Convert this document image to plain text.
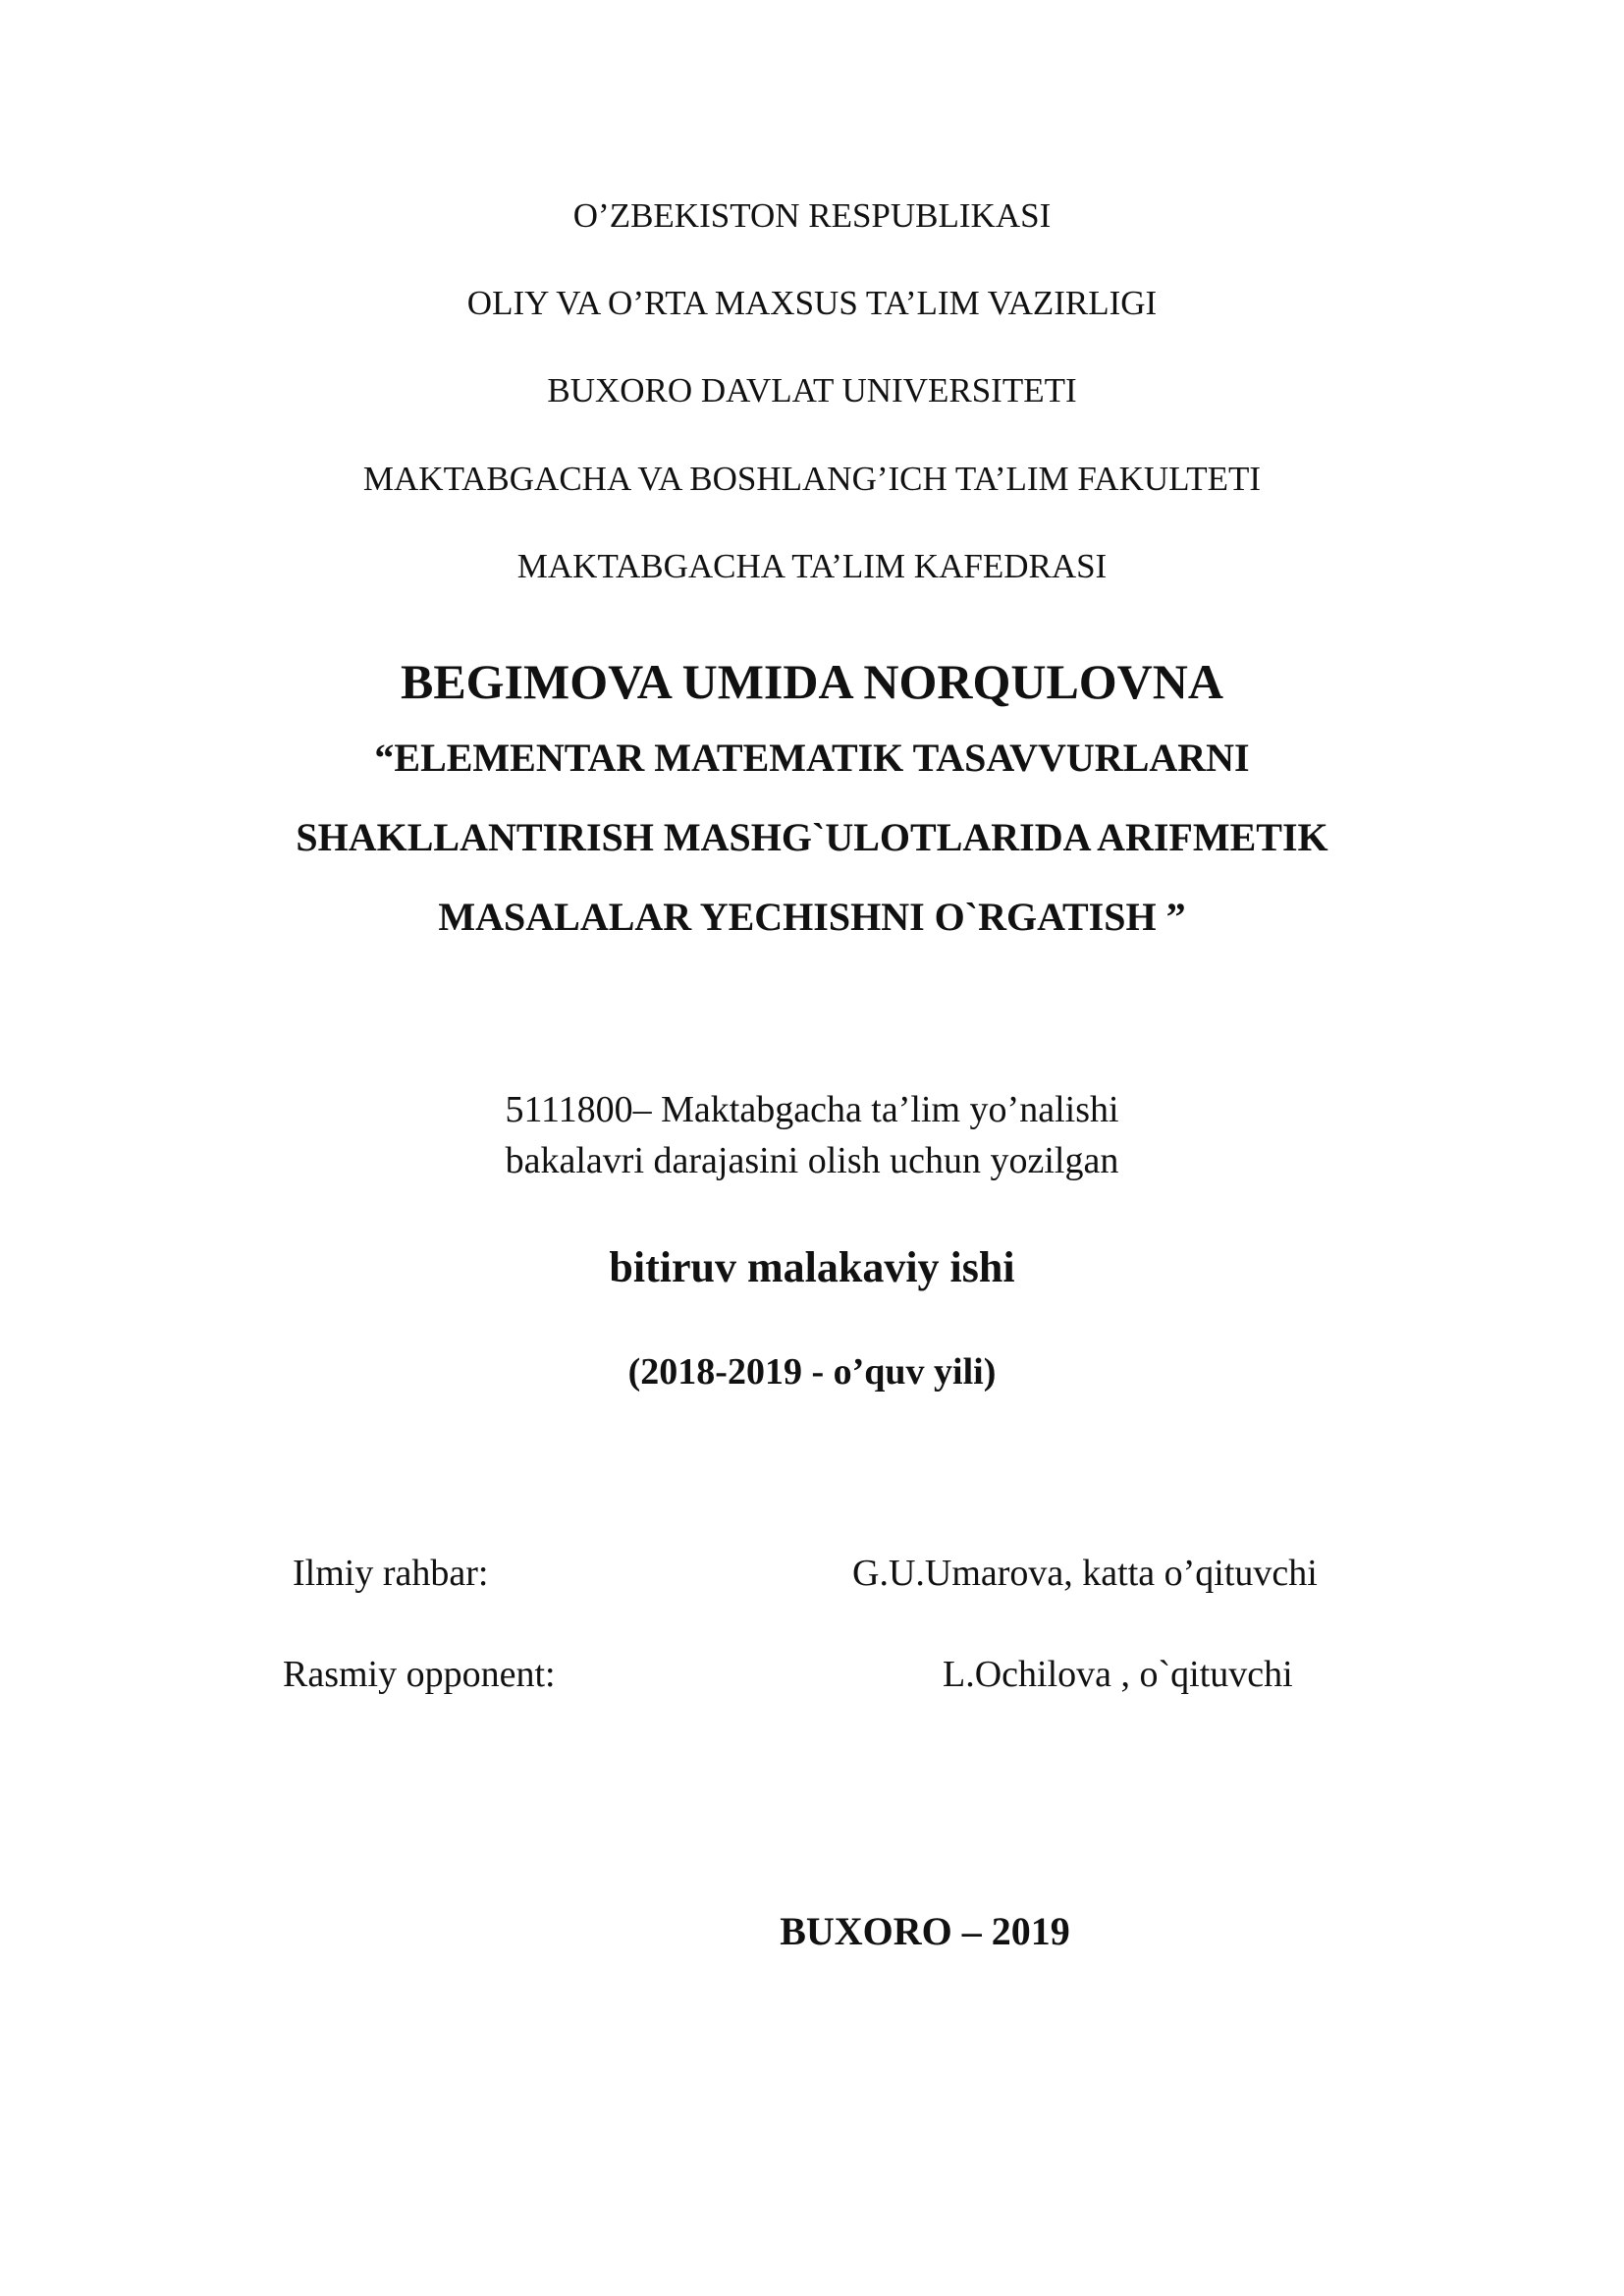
O’ZBEKISTON RESPUBLIKASI
OLIY VA O’RTA MAXSUS TA’LIM VAZIRLIGI
BUXORO DAVLAT UNIVERSITETI
MAKTABGACHA VA BOSHLANG’ICH TA’LIM FAKULTETI
MAKTABGACHA TA’LIM KAFEDRASI
BEGIMOVA UMIDA NORQULOVNA
“ELEMENTAR MATEMATIK TASAVVURLARNI
SHAKLLANTIRISH MASHG`ULOTLARIDA ARIFMETIK
MASALALAR YECHISHNI O`RGATISH ”
5111800– Maktabgacha ta’lim yo’nalishi
bakalavri darajasini olish uchun yozilgan
bitiruv malakaviy ishi
(2018-2019 - o’quv yili)
Ilmiy rahbar:	G.U.Umarova, katta o’qituvchi
Rasmiy opponent:	L.Ochilova , o`qituvchi
BUXORO – 2019
